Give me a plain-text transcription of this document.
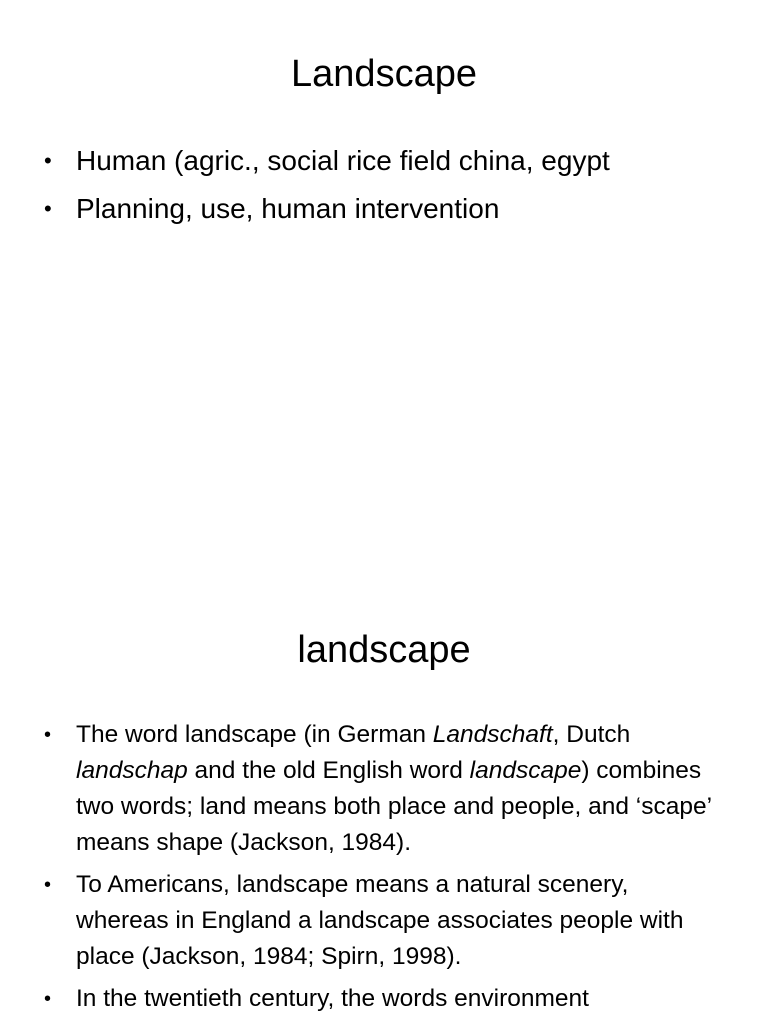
Landscape
• Human (agric., social rice field china, egypt
• Planning, use, human intervention
landscape
• The word landscape (in German Landschaft, Dutch landschap and the old English word landscape) combines two words; land means both place and people, and ‘scape’ means shape (Jackson, 1984).
• To Americans, landscape means a natural scenery, whereas in England a landscape associates people with place (Jackson, 1984; Spirn, 1998).
• In the twentieth century, the words environment
